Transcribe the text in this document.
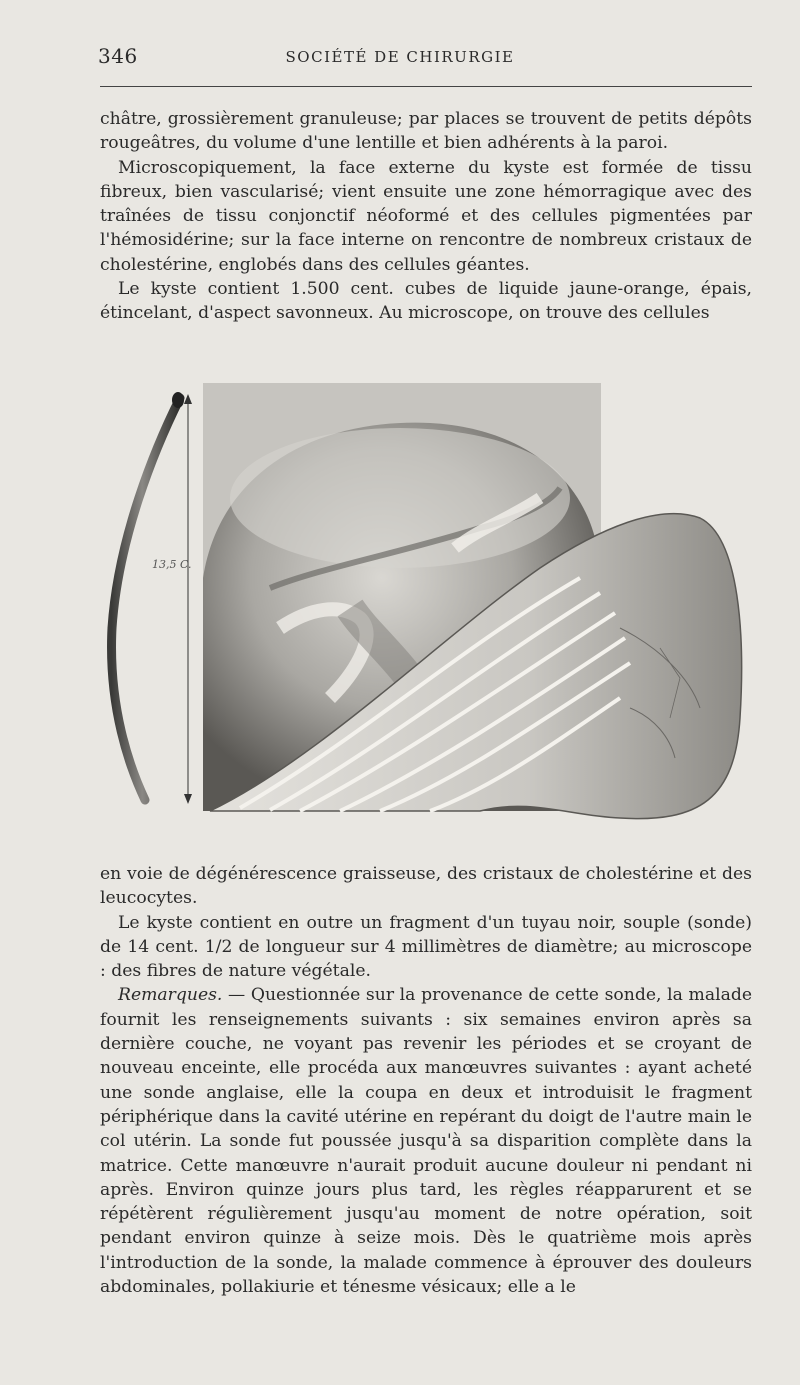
346	SOCIÉTÉ DE CHIRURGIE

châtre, grossièrement granuleuse; par places se trouvent de petits dépôts rougeâtres, du volume d'une lentille et bien adhérents à la paroi.

Microscopiquement, la face externe du kyste est formée de tissu fibreux, bien vascularisé; vient ensuite une zone hémorragique avec des traînées de tissu conjonctif néoformé et des cellules pigmentées par l'hémosidérine; sur la face interne on rencontre de nombreux cristaux de cholestérine, englobés dans des cellules géantes.

Le kyste contient 1.500 cent. cubes de liquide jaune-orange, épais, étincelant, d'aspect savonneux. Au microscope, on trouve des cellules

13,5 C.

en voie de dégénérescence graisseuse, des cristaux de cholestérine et des leucocytes.

Le kyste contient en outre un fragment d'un tuyau noir, souple (sonde) de 14 cent. 1/2 de longueur sur 4 millimètres de diamètre; au microscope : des fibres de nature végétale.

Remarques. — Questionnée sur la provenance de cette sonde, la malade fournit les renseignements suivants : six semaines environ après sa dernière couche, ne voyant pas revenir les périodes et se croyant de nouveau enceinte, elle procéda aux manœuvres suivantes : ayant acheté une sonde anglaise, elle la coupa en deux et introduisit le fragment périphérique dans la cavité utérine en repérant du doigt de l'autre main le col utérin. La sonde fut poussée jusqu'à sa disparition complète dans la matrice. Cette manœuvre n'aurait produit aucune douleur ni pendant ni après. Environ quinze jours plus tard, les règles réapparurent et se répétèrent régulièrement jusqu'au moment de notre opération, soit pendant environ quinze à seize mois. Dès le quatrième mois après l'introduction de la sonde, la malade commence à éprouver des douleurs abdominales, pollakiurie et ténesme vésicaux; elle a le
